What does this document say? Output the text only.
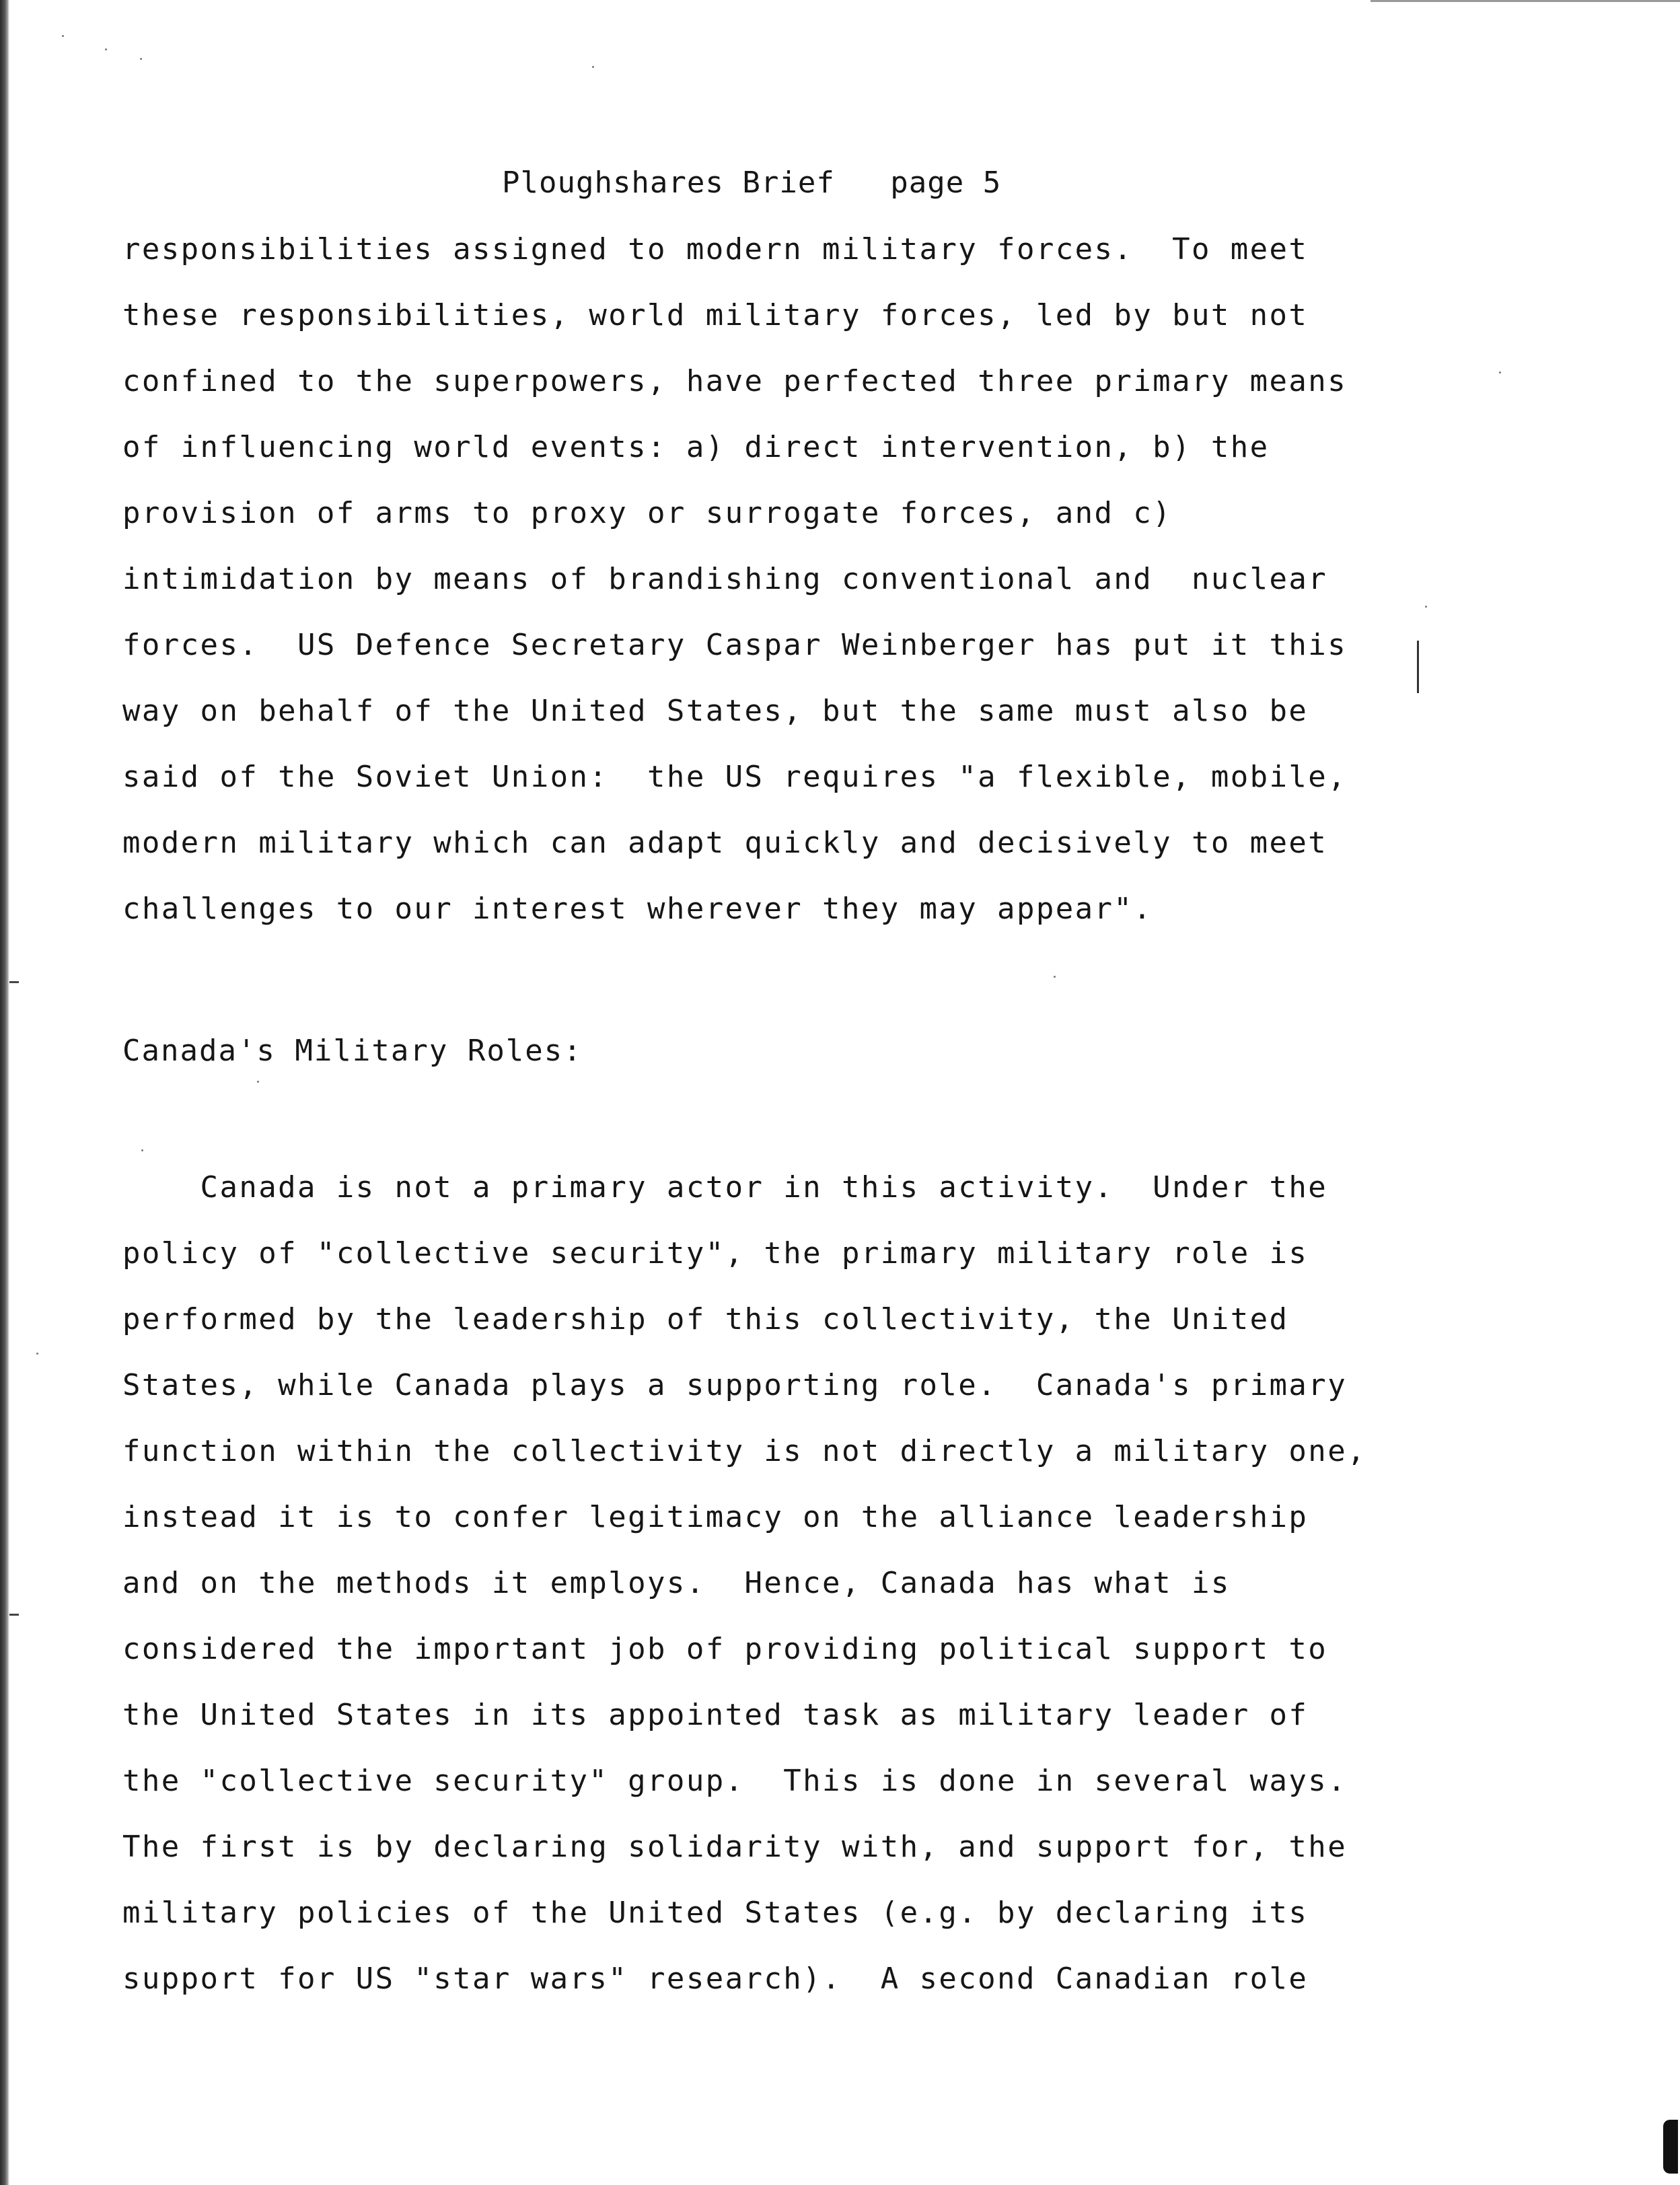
Ploughshares Brief   page 5
responsibilities assigned to modern military forces.  To meet
these responsibilities, world military forces, led by but not
confined to the superpowers, have perfected three primary means
of influencing world events: a) direct intervention, b) the
provision of arms to proxy or surrogate forces, and c)
intimidation by means of brandishing conventional and  nuclear
forces.  US Defence Secretary Caspar Weinberger has put it this
way on behalf of the United States, but the same must also be
said of the Soviet Union:  the US requires "a flexible, mobile,
modern military which can adapt quickly and decisively to meet
challenges to our interest wherever they may appear".
Canada's Military Roles:
Canada is not a primary actor in this activity.  Under the
policy of "collective security", the primary military role is
performed by the leadership of this collectivity, the United
States, while Canada plays a supporting role.  Canada's primary
function within the collectivity is not directly a military one,
instead it is to confer legitimacy on the alliance leadership
and on the methods it employs.  Hence, Canada has what is
considered the important job of providing political support to
the United States in its appointed task as military leader of
the "collective security" group.  This is done in several ways.
The first is by declaring solidarity with, and support for, the
military policies of the United States (e.g. by declaring its
support for US "star wars" research).  A second Canadian role
